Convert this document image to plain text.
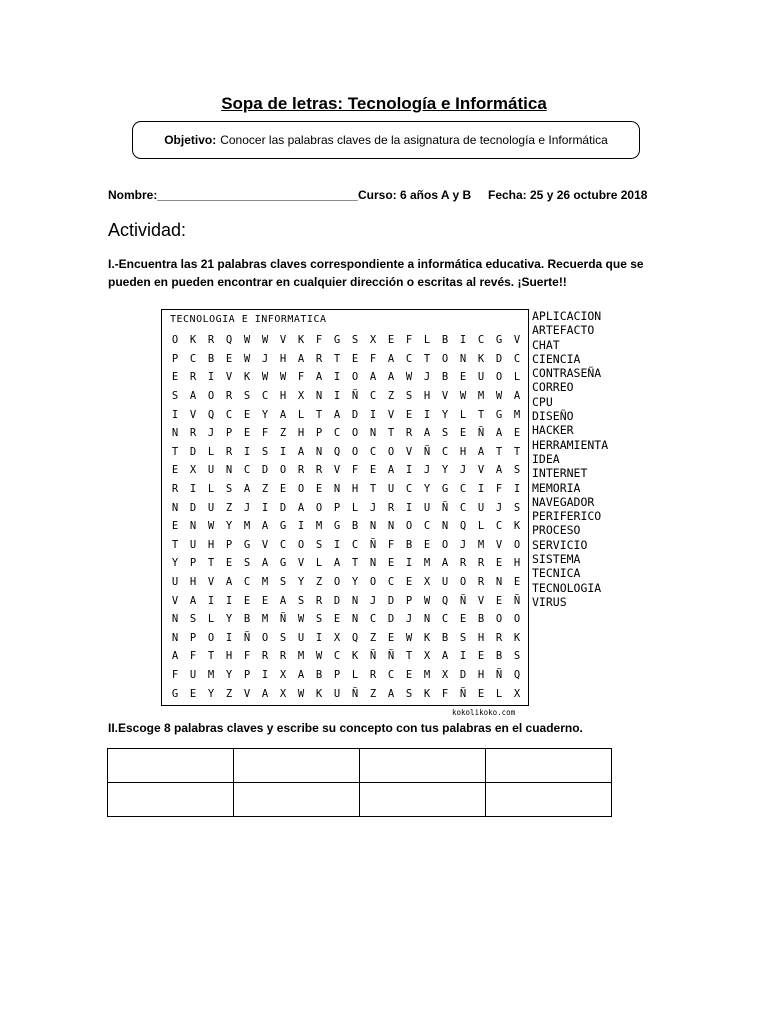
Sopa de letras: Tecnología e Informática
Objetivo: Conocer las palabras claves de la asignatura de tecnología e Informática
Nombre:______________________________ Curso: 6 años A y B Fecha: 25 y 26 octubre 2018
Actividad:
I.-Encuentra las 21 palabras claves correspondiente a informática educativa. Recuerda que se pueden en pueden encontrar en cualquier dirección o escritas al revés. ¡Suerte!!
TECNOLOGIA E INFORMATICA
O	K	R	Q	W	W	V	K	F	G	S	X	E	F	L	B	I	C	G	V
P	C	B	E	W	J	H	A	R	T	E	F	A	C	T	O	N	K	D	C
E	R	I	V	K	W	W	F	A	I	O	A	A	W	J	B	E	U	O	L
S	A	O	R	S	C	H	X	N	I	Ñ	C	Z	S	H	V	W	M	W	A
I	V	Q	C	E	Y	A	L	T	A	D	I	V	E	I	Y	L	T	G	M
N	R	J	P	E	F	Z	H	P	C	O	N	T	R	A	S	E	Ñ	A	E
T	D	L	R	I	S	I	A	N	Q	O	C	O	V	Ñ	C	H	A	T	T
E	X	U	N	C	D	O	R	R	V	F	E	A	I	J	Y	J	V	A	S
R	I	L	S	A	Z	E	O	E	N	H	T	U	C	Y	G	C	I	F	I
N	D	U	Z	J	I	D	A	O	P	L	J	R	I	U	Ñ	C	U	J	S
E	N	W	Y	M	A	G	I	M	G	B	N	N	O	C	N	Q	L	C	K
T	U	H	P	G	V	C	O	S	I	C	Ñ	F	B	E	O	J	M	V	O
Y	P	T	E	S	A	G	V	L	A	T	N	E	I	M	A	R	R	E	H
U	H	V	A	C	M	S	Y	Z	O	Y	O	C	E	X	U	O	R	N	E
V	A	I	I	E	E	A	S	R	D	N	J	D	P	W	Q	Ñ	V	E	Ñ
N	S	L	Y	B	M	Ñ	W	S	E	N	C	D	J	N	C	E	B	O	O
N	P	O	I	Ñ	O	S	U	I	X	Q	Z	E	W	K	B	S	H	R	K
A	F	T	H	F	R	R	M	W	C	K	Ñ	Ñ	T	X	A	I	E	B	S
F	U	M	Y	P	I	X	A	B	P	L	R	C	E	M	X	D	H	Ñ	Q
G	E	Y	Z	V	A	X	W	K	U	Ñ	Z	A	S	K	F	Ñ	E	L	X
kokolikoko.com
APLICACION
ARTEFACTO
CHAT
CIENCIA
CONTRASEÑA
CORREO
CPU
DISEÑO
HACKER
HERRAMIENTA
IDEA
INTERNET
MEMORIA
NAVEGADOR
PERIFERICO
PROCESO
SERVICIO
SISTEMA
TECNICA
TECNOLOGIA
VIRUS
II.Escoge 8 palabras claves y escribe su concepto con tus palabras en el cuaderno.
